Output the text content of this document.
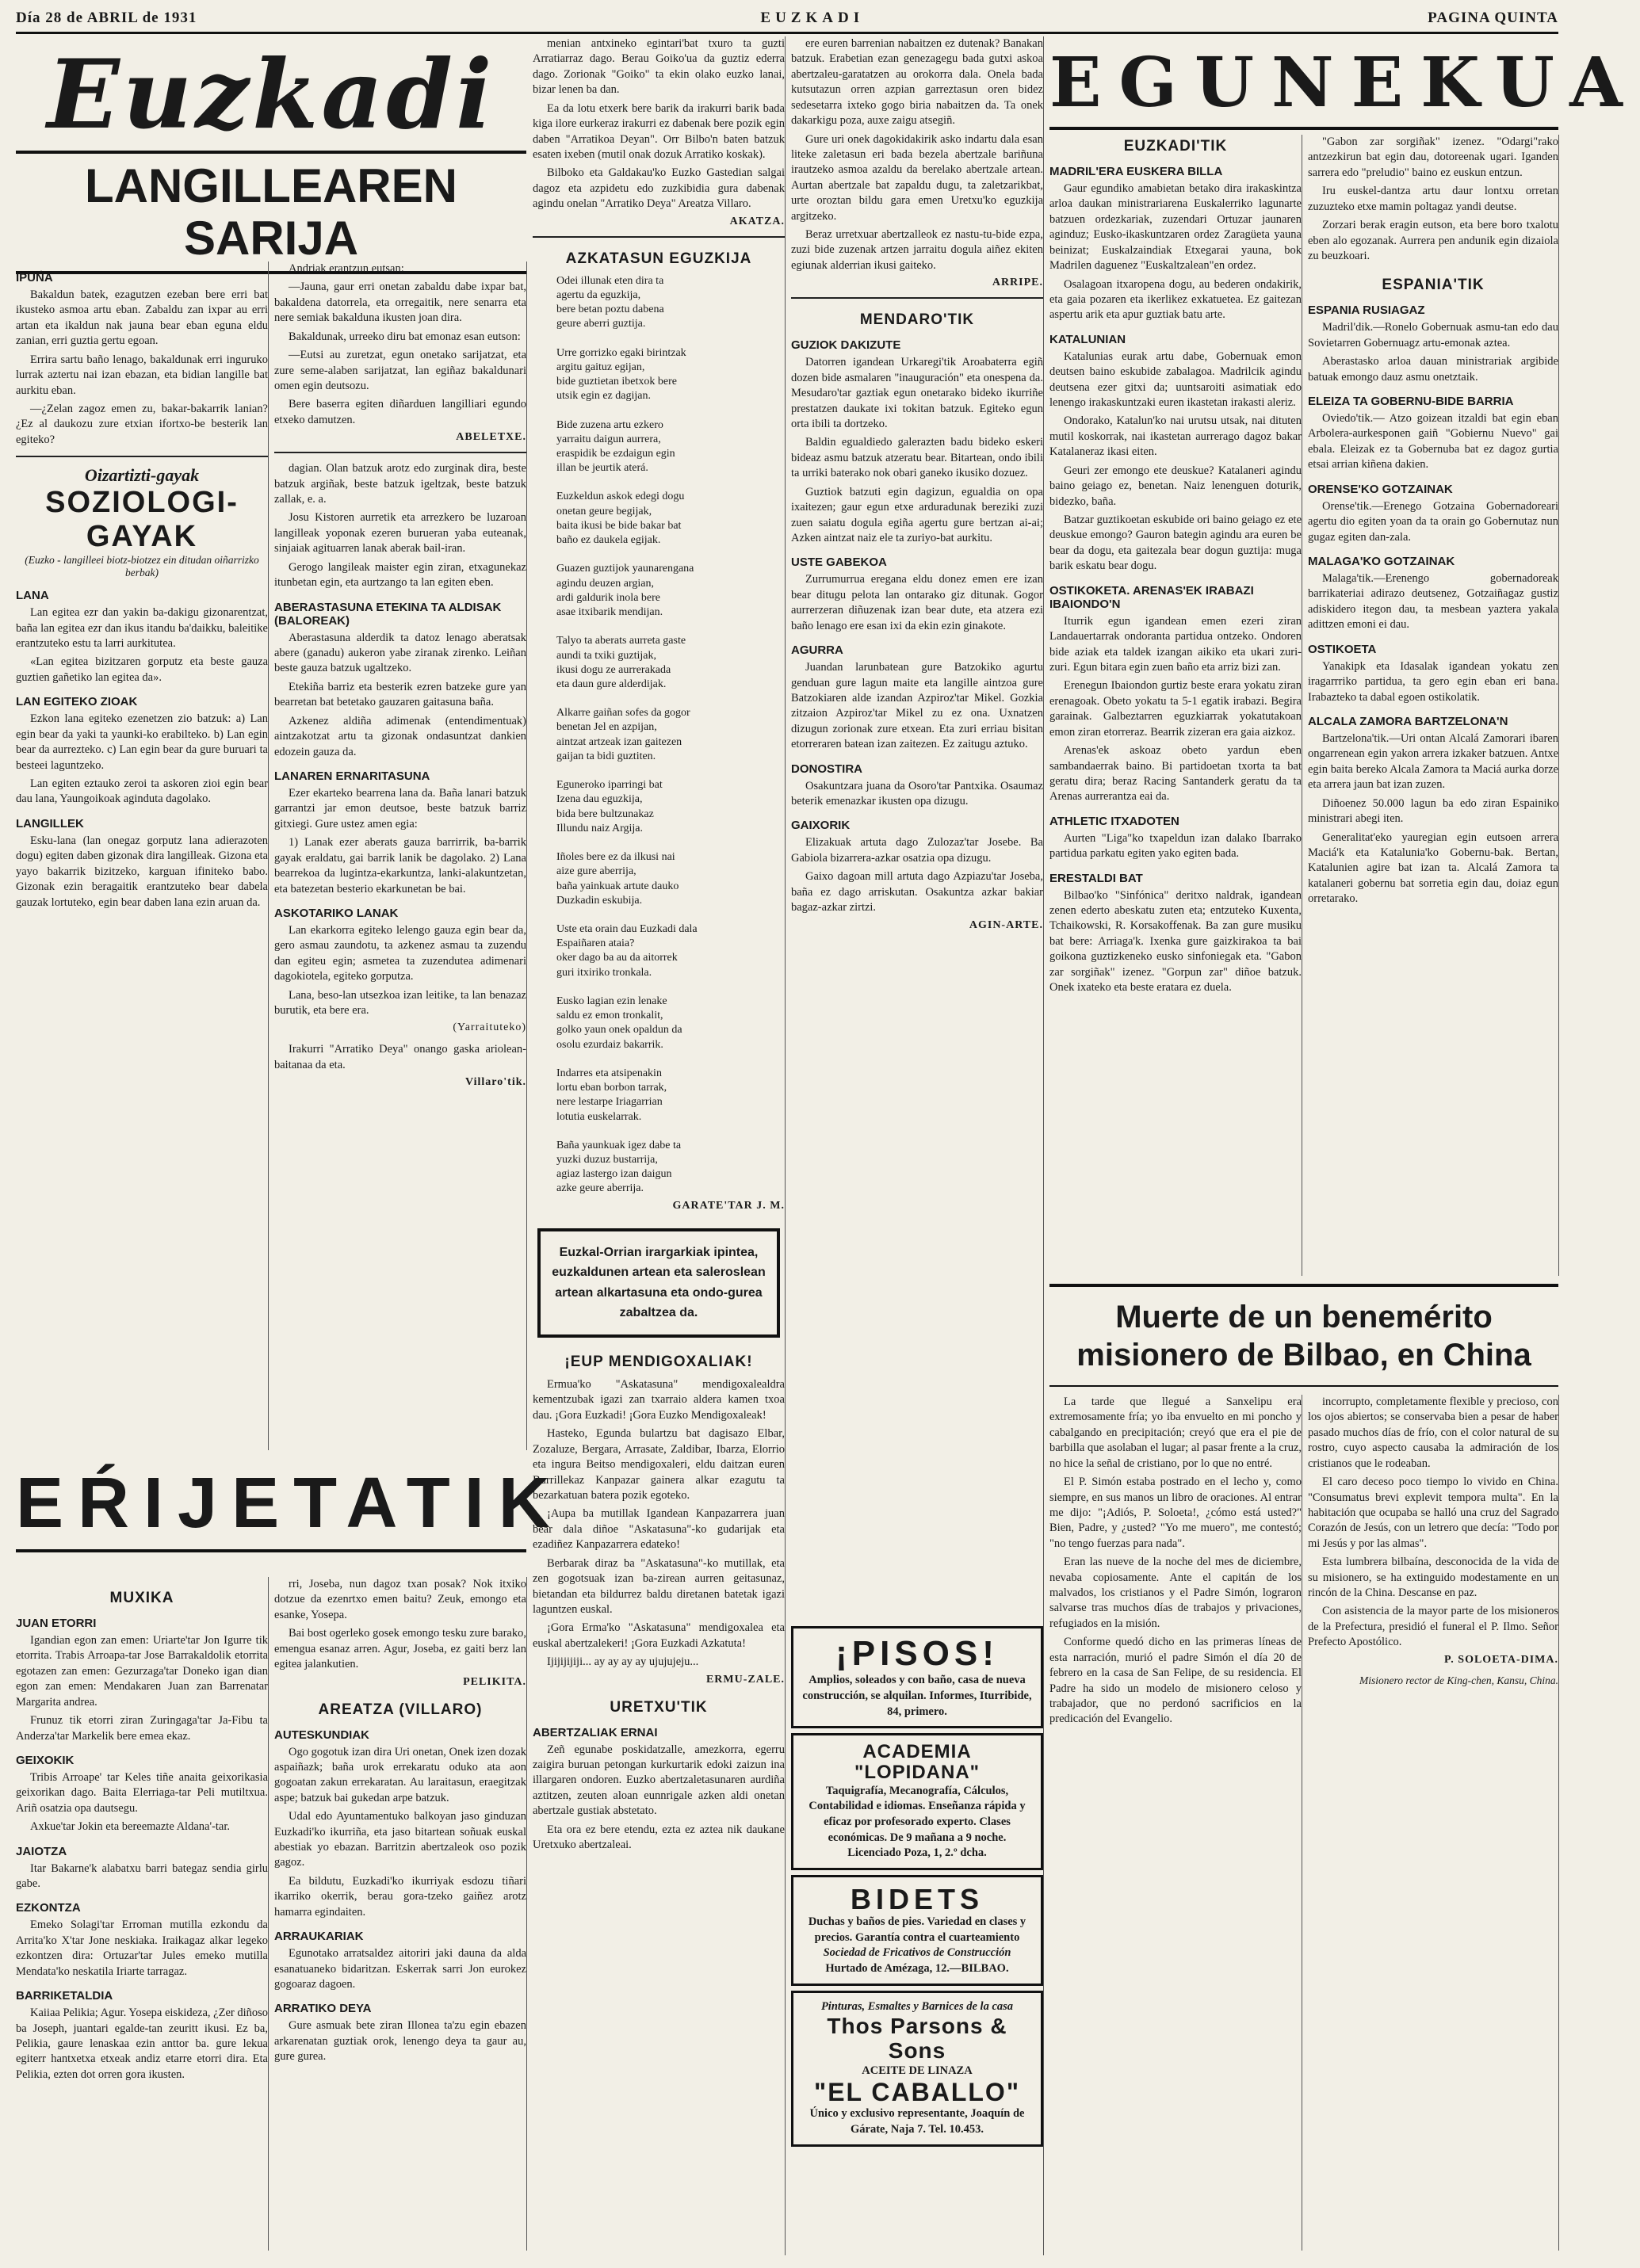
Día 28 de ABRIL de 1931	EUZKADI	PAGINA QUINTA
Euzkadi
LANGILLEAREN SARIJA
IPUŃA

Bakaldun batek, ezagutzen ezeban bere erri bat ikusteko asmoa artu eban. Zabaldu zan ixpar au erri artan eta ikaldun nak jauna bear eban eguna eldu zanian, erri guztia gertu egoan.

Errira sartu baño lenago, bakaldunak erri inguruko lurrak aztertu nai izan ebazan, eta bidian langille bat aurkitu eban.

—¿Zelan zagoz emen zu, bakar-bakarrik lanian? ¿Ez al daukozu zure etxian ifortxo-be besterik lan egiteko?

Oizartizti-gayak
SOZIOLOGI-GAYAK
(Euzko - langilleei biotz-biotzez ein ditudan oiñarrizko berbak)
LANA

Lan egitea ezr dan yakin ba-dakigu gizonarentzat, baña lan egitea ezr dan ikus itandu ba'daikku, baleitike erantzuteko estu ta larri aurkitutea.

«Lan egitea bizitzaren gorputz eta beste gauza guztien gañetiko lan egitea da».

LAN EGITEKO ZIOAK

Ezkon lana egiteko ezenetzen zio batzuk: a) Lan egin bear da yaki ta yaunki-ko erabilteko. b) Lan egin bear da aurrezteko. c) Lan egin bear da gure buruari ta besteei laguntzeko.

Lan egiten eztauko zeroi ta askoren zioi egin bear dau lana, Yaungoikoak aginduta dagolako.

LANGILLEK

Esku-lana (lan onegaz gorputz lana adierazoten dogu) egiten daben gizonak dira langilleak. Gizona eta yayo bakarrik bizitzeko, karguan ifiniteko babo. Gizonak ezin beragaitik erantzuteko bear dabela gauzak lortuteko, egin bear daben lana ezin aruan da.

Andriak erantzun eutsan:

—Jauna, gaur erri onetan zabaldu dabe ixpar bat, bakaldena datorrela, eta orregaitik, nere senarra eta nere semiak bakalduna ikusten joan dira.

Bakaldunak, urreeko diru bat emonaz esan eutson:

—Eutsi au zuretzat, egun onetako sarijatzat, eta zure seme-alaben sarijatzat, lan egiñaz bakaldunari omen egin deutsozu.

Bere baserra egiten diñarduen langilliari egundo etxeko damutzen.

ABELETXE.

dagian. Olan batzuk arotz edo zurginak dira, beste batzuk argiñak, beste batzuk igeltzak, beste batzuk zallak, e. a.

Josu Kistoren aurretik eta arrezkero be luzaroan langilleak yoponak ezeren burueran yaba euteanak, sinjaiak agituarren lanak aberak bail-iran.

Gerogo langileak maister egin ziran, etxagunekaz itunbetan egin, eta aurtzango ta lan egiten eben.

ABERASTASUNA ETEKINA TA ALDISAK (BALOREAK)

Aberastasuna alderdik ta datoz lenago aberatsak abere (ganadu) aukeron yabe ziranak zirenko. Leiñan beste gauza batzuk ugaltzeko.

Etekiña barriz eta besterik ezren batzeke gure yan bearretan bat betetako gauzaren gaitasuna baña.

Azkenez aldiña adimenak (entendimentuak) aintzakotzat artu ta gizonak ondasuntzat dankien edozein gauza da.

LANAREN ERNARITASUNA

Ezer ekarteko bearrena lana da. Baña lanari batzuk garrantzi jar emon deutsoe, beste batzuk barriz gitxiegi. Gure ustez amen egia:

1) Lanak ezer aberats gauza barrirrik, ba-barrik gayak eraldatu, gai barrik lanik be dagolako. 2) Lana bearrekoa da lugintza-ekarkuntza, lanki-alakuntzetan, eta batezetan besterio ekarkunetan be bai.

ASKOTARIKO LANAK

Lan ekarkorra egiteko lelengo gauza egin bear da, gero asmau zaundotu, ta azkenez asmau ta zuzendu dan egiteu egin; asmetea ta zuzendutea adimenari dagokiotela, egiteko gorputza.

Lana, beso-lan utsezkoa izan leitike, ta lan benazaz burutik, eta bere era.

(Yarraituteko)

Irakurri "Arratiko Deya" onango gaska ariolean-baitanaa da eta.

Villaro'tik.
EŔIJETATIK
MUXIKA
JUAN ETORRI

Igandian egon zan emen: Uriarte'tar Jon Igurre tik etorrita. Trabis Arroapa-tar Jose Barrakaldolik etorrita egotazen zan emen: Gezurzaga'tar Doneko igan dian egon zan emen: Mendakaren Juan zan Barrenatar Margarita andrea.

Frunuz tik etorri ziran Zuringaga'tar Ja-Fibu ta Anderza'tar Markelik bere emea ekaz.

GEIXOKIK

Tribis Arroape' tar Keles tiñe anaita geixorikasia geixorikan dago. Baita Elerriaga-tar Peli mutiltxua. Ariñ osatzia opa dautsegu.

Axkue'tar Jokin eta bereemazte Aldana'-tar.

JAIOTZA

Itar Bakarne'k alabatxu barri bategaz sendia girlu gabe.

EZKONTZA

Emeko Solagi'tar Erroman mutilla ezkondu da Arrita'ko X'tar Jone neskiaka. Iraikagaz alkar legeko ezkontzen dira: Ortuzar'tar Jules emeko mutilla Mendata'ko neskatila Iriarte tarragaz.

BARRIKETALDIA

Kaiiaa Pelikia; Agur. Yosepa eiskideza, ¿Zer diñoso ba Joseph, juantari egalde-tan zeuritt ikusi. Ez ba, Pelikia, gaure lenaskaa ezin anttor ba. gure lekua egiterr hantxetxa etxeak andiz etarre etorri dira. Eta Pelikia, ezten dot orren gora ikusten.

rri, Joseba, nun dagoz txan posak? Nok itxiko dotzue da ezenrtxo emen baitu? Zeuk, emongo eta esanke, Yosepa.

Bai bost ogerleko gosek emongo tesku zure barako, emengua esanaz arren. Agur, Joseba, ez gaiti berz lan egitea jalankutien.

PELIKITA.
AREATZA (VILLARO)
AUTESKUNDIAK

Ogo gogotuk izan dira Uri onetan, Onek izen dozak aspaiñazk; baña urok errekaratu oduko ata aon gogoatan zakun errekaratan. Au laraitasun, eraegitzak aspe; batzuk bai gukedan arpe batzuk.

Udal edo Ayuntamentuko balkoyan jaso ginduzan Euzkadi'ko ikurriña, eta jaso bitartean soñuak euskal abestiak yo ebazan. Barritzin abertzaleok oso pozik gagoz.

Ea bildutu, Euzkadi'ko ikurriyak esdozu tiñari ikarriko okerrik, berau gora-tzeko gaiñez arotz hamarra egindaiten.

ARRAUKARIAK

Egunotako arratsaldez aitoriri jaki dauna da alda esanatuaneko bidaritzan. Eskerrak sarri Jon eurokez gogoaraz dagoen.

ARRATIKO DEYA

Gure asmuak bete ziran Illonea ta'zu egin ebazen arkarenatan guztiak orok, lenengo deya ta gaur au, gure gurea.

menian antxineko egintari'bat txuro ta guzti Arratiarraz dago. Berau Goiko'ua da guztiz ederra dago. Zorionak "Goiko" ta ekin olako euzko lanai, bizar lenen ba dan.

Ea da lotu etxerk bere barik da irakurri barik bada kiga ilore eurkeraz irakurri ez dabenak bere pozik egin daben "Arratikoa Deyan". Orr Bilbo'n baten batzuk esaten ixeben (mutil onak dozuk Arratiko koskak).

Bilboko eta Galdakau'ko Euzko Gastedian salgai dagoz eta azpidetu edo zuzkibidia gura dabenak agindu onelan "Arratiko Deya" Areatza Villaro.

AKATZA.
AZKATASUN EGUZKIJA
Odei illunak eten dira ta
agertu da eguzkija,
bere betan poztu dabena
geure aberri guztija.

Urre gorrizko egaki birintzak
argitu gaituz egijan,
bide guztietan ibetxok bere
utsik egin ez dagijan.

Bide zuzena artu ezkero
yarraitu daigun aurrera,
eraspidik be ezdaigun egin
illan be jeurtik aterá.

Euzkeldun askok edegi dogu
onetan geure begijak,
baita ikusi be bide bakar bat
baño ez daukela egijak.

Guazen guztijok yaunarengana
agindu deuzen argian,
ardi galdurik inola bere
asae itxibarik mendijan.

Talyo ta aberats aurreta gaste
aundi ta txiki guztijak,
ikusi dogu ze aurrerakada
eta daun gure alderdijak.

Alkarre gaiñan sofes da gogor
benetan Jel en azpijan,
aintzat artzeak izan gaitezen
gaijan ta bidi guztiten.

Eguneroko iparringi bat
Izena dau eguzkija,
bida bere bultzunakaz
Illundu naiz Argija.

Iñoles bere ez da ilkusi nai
aize gure aberrija,
baña yainkuak artute dauko
Duzkadin eskubija.

Uste eta orain dau Euzkadi dala
Espaiñaren ataia?
oker dago ba au da aitorrek
guri itxiriko tronkala.

Eusko lagian ezin lenake
saldu ez emon tronkalit,
golko yaun onek opaldun da
osolu ezurdaiz bakarrik.

Indarres eta atsipenakin
lortu eban borbon tarrak,
nere lestarpe Iriagarrian
lotutia euskelarrak.

Baña yaunkuak igez dabe ta
yuzki duzuz bustarrija,
agiaz lastergo izan daigun
azke geure aberrija.
GARATE'TAR J. M.
Euzkal-Orrian irargarkiak ipintea, euzkaldunen artean eta saleroslean artean alkartasuna eta ondo-gurea zabaltzea da.
¡EUP MENDIGOXALIAK!

Ermua'ko "Askatasuna" mendigoxalealdra kementzubak igazi zan txarraio aldera kamen txoa dau. ¡Gora Euzkadi! ¡Gora Euzko Mendigoxaleak!

Hasteko, Egunda bulartzu bat dagisazo Elbar, Zozaluze, Bergara, Arrasate, Zaldibar, Ibarza, Elorrio eta ingura Beitso mendigoxaleri, eldu daitzan euren Burrillekaz Kanpazar gainera alkar ezagutu ta bezarkatuan batera pozik egoteko.

¡Aupa ba mutillak Igandean Kanpazarrera juan bear dala diñoe "Askatasuna"-ko gudarijak eta ezadiñez Kanpazarrera edateko!

Berbarak diraz ba "Askatasuna"-ko mutillak, eta zen gogotsuak izan ba-zirean aurren geitasunaz, bietandan eta bildurrez baldu diretanen batetak igazi laguntzen euskal.

¡Gora Erma'ko "Askatasuna" mendigoxalea eta euskal abertzalekeri! ¡Gora Euzkadi Azkatuta!

Ijijijijiji... ay ay ay ay ujujujeju...

ERMU-ZALE.
URETXU'TIK
ABERTZALIAK ERNAI

Zeñ egunabe poskidatzalle, amezkorra, egerru zaigira buruan petongan kurkurtarik edoki zaizun ina illargaren ondoren. Euzko abertzaletasunaren aurdiña aztitzen, zeuten aloan eunnrigale azken aldi onetan abertzale gustiak abstetato.

Eta ora ez bere etendu, ezta ez aztea nik daukane Uretxuko abertzaleai.

ere euren barrenian nabaitzen ez dutenak? Banakan batzuk. Erabetian ezan genezagegu bada gutxi askoa abertzaleu-garatatzen au orokorra dala. Onela bada kutsutazun orren azpian garreztasun oren bidez sedesetarra ixteko gogo biria nabaitzen da. Ta onek dakarkigu poza, auxe zaigu atsegiñ.

Gure uri onek dagokidakirik asko indartu dala esan liteke zaletasun eri bada bezela abertzale bariñuna irautzeko asmoa azaldu da berelako abertzale artean. Aurtan abertzale bat zapaldu dugu, ta zaletzarikbat, urte oroztan bildu gara emen Uretxu'ko eguzkija argitzeko.

Beraz urretxuar abertzalleok ez nastu-tu-bide ezpa, zuzi bide zuzenak artzen jarraitu dogula aiñez ekiten egiunak alderrian ikusi gaiteko.

ARRIPE.
MENDARO'TIK
GUZIOK DAKIZUTE

Datorren igandean Urkaregi'tik Aroabaterra egiñ dozen bide asmalaren "inauguración" eta onespena da. Mesudaro'tar gaztiak egun onetarako bideko ikurriñe prestatzen daukate ixi tokitan batzuk. Egiteko egun orta ibili ta dortzeko.

Baldin egualdiedo galerazten badu bideko eskeri bideaz asmu batzuk atzeratu bear. Bitartean, ondo ibili ta urriki baterako nok obari ganeko ikusiko dozuez.

Guztiok batzuti egin dagizun, egualdia on opa ixaitezen; gaur egun etxe arduradunak bereziki zuzi zuen saiatu dogula egiña agertu gure bertzan ai-ai; Azken aintzat naiz ele ta zuriyo-bat aurkitu.

USTE GABEKOA

Zurrumurrua eregana eldu donez emen ere izan bear ditugu pelota lan ontarako giz ditunak. Gogor aurrerzeran diñuzenak izan bear dute, eta atzera ezi baño lenago ere esan ixi da ekin ezin ginakote.

AGURRA

Juandan larunbatean gure Batzokiko agurtu genduan gure lagun maite eta langille aintzoa gure Batzokiaren alde izandan Azpiroz'tar Mikel. Gozkia zitzaion Azpiroz'tar Mikel zu ez ona. Uxnatzen dizugun zorionak zure etxean. Eta zuri erriau bisitan etorreraren batean izan zaitezen. Ez zaitugu aztuko.

DONOSTIRA

Osakuntzara juana da Osoro'tar Pantxika. Osaumaz beterik emenazkar ikusten opa dizugu.

GAIXORIK

Elizakuak artuta dago Zulozaz'tar Josebe. Ba Gabiola bizarrera-azkar osatzia opa dizugu.

Gaixo dagoan mill artuta dago Azpiazu'tar Joseba, baña ez dago arriskutan. Osakuntza azkar bakiar bagaz-azkar zirtzi.

AGIN-ARTE.
¡PISOS!
Amplios, soleados y con baño, casa de nueva construcción, se alquilan. Informes, Iturribide, 84, primero.
ACADEMIA "LOPIDANA"
Taquigrafía, Mecanografía, Cálculos, Contabilidad e idiomas. Enseñanza rápida y eficaz por profesorado experto. Clases económicas. De 9 mañana a 9 noche. Licenciado Poza, 1, 2.º dcha.
BIDETS
Duchas y baños de pies. Variedad en clases y precios. Garantía contra el cuarteamiento
Sociedad de Fricativos de Construcción
Hurtado de Amézaga, 12.—BILBAO.
Pinturas, Esmaltes y Barnices de la casa
Thos Parsons & Sons
ACEITE DE LINAZA
"EL CABALLO"
Único y exclusivo representante, Joaquín de Gárate, Naja 7. Tel. 10.453.
EGUNEKUA
EUZKADI'TIK
MADRIL'ERA EUSKERA BILLA

Gaur egundiko amabietan betako dira irakaskintza arloa daukan ministrariarena Euskalerriko lagunarte batzuen ordezkariak, zuzendari Ortuzar jaunaren aginduz; Eusko-ikaskuntzaren ordez Zaragüeta yauna beinizat; Euskalzaindiak Etxegarai yauna, bok Madrilen daguenez "Euskaltzalean"en ordez.

Osalagoan itxaropena dogu, au bederen ondakirik, eta gaia pozaren eta ikerlikez exkatuetea. Ez gaitezan aspertu arik eta apur guztiak batu arte.

KATALUNIAN

Katalunias eurak artu dabe, Gobernuak emon deutsen baino eskubide zabalagoa. Madrilcik agindu deutsena ezer gitxi da; uuntsaroiti asimatiak edo lenengo irakaskuntzaki euren ikastetan irakasti aleriz.

Ondorako, Katalun'ko nai urutsu utsak, nai dituten mutil koskorrak, nai ikastetan aurrerago dagoz bakar Katalaneraz ikasi eiten.

Geuri zer emongo ete deuskue? Katalaneri agindu baino geiago ez, benetan. Naiz lenenguen doturik, bidezko, baña.

Batzar guztikoetan eskubide ori baino geiago ez ete deuskue emongo? Gauron bategin agindu ara euren be bear da dogu, eta gaitezala bear dogun guztija: muga barik eskatu bear dogu.

OSTIKOKETA. ARENAS'EK IRABAZI IBAIONDO'N

Iturrik egun igandean emen ezeri ziran Landauertarrak ondoranta partidua ontzeko. Ondoren bide aziak eta taldek izangan aikiko eta ukari zuri-zuri. Egun bitara egin zuen baño eta arriz bizi zan.

Erenegun Ibaiondon gurtiz beste erara yokatu ziran erenagoak. Obeto yokatu ta 5-1 egatik irabazi. Begira garainak. Galbeztarren eguzkiarrak yokatutakoan emon ziran etorreraz. Bearrik zizeran era gaia aizkoz.

Arenas'ek askoaz obeto yardun eben sambandaerrak baino. Bi partidoetan txorta ta bat geratu dira; beraz Racing Santanderk geratu da ta Arenas aurrerantza eai da.

ATHLETIC ITXADOTEN

Aurten "Liga"ko txapeldun izan dalako Ibarrako partidua parkatu egiten yako egiten bada.

ERESTALDI BAT

Bilbao'ko "Sinfónica" deritxo naldrak, igandean zenen ederto abeskatu zuten eta; entzuteko Kuxenta, Tchaikowski, R. Korsakoffenak. Ba zan gure musiku bat bere: Arriaga'k. Ixenka gure gaizkirakoa ta bai goikona guztizkeneko eusko sinfoniegak eta. "Gabon zar sorgiñak" izenez. "Gorpun zar" diñoe batzuk. Onek ixateko eta beste eratara ez duela.

"Gabon zar sorgiñak" izenez. "Odargi"rako antzezkirun bat egin dau, dotoreenak ugari. Iganden sarrera edo "preludio" baino ez euskun entzun.

Iru euskel-dantza artu daur lontxu orretan zuzuzteko etxe mamin poltagaz yandi deutse.

Zorzari berak eragin eutson, eta bere boro txalotu eben alo egozanak. Aurrera pen andunik egin dizaiola zu beuzkoari.

ESPANIA'TIK
ESPANIA RUSIAGAZ

Madril'dik.—Ronelo Gobernuak asmu-tan edo dau Sovietarren Gobernuagz artu-emonak aztea.

Aberastasko arloa dauan ministrariak argibide batuak emongo dauz asmu onetztaik.

ELEIZA TA GOBERNU-BIDE BARRIA

Oviedo'tik.— Atzo goizean itzaldi bat egin eban Arbolera-aurkesponen gaiñ "Gobiernu Nuevo" gai ebala. Eleizak ez ta Gobernuba bat ez dagoz gurtia etsai arrian kiñena dakien.

ORENSE'KO GOTZAINAK

Orense'tik.—Erenego Gotzaina Gobernadoreari agertu dio egiten yoan da ta orain go Gobernutaz nun gugaz egiten dan-zala.

MALAGA'KO GOTZAINAK

Malaga'tik.—Erenengo gobernadoreak barrikateriai adirazo deutsenez, Gotzaiñagaz gustiz adiskidero itegon dau, ta mesbean yaztera yakala adittzen emoni ei dau.

OSTIKOETA

Yanakipk eta Idasalak igandean yokatu zen iragarrriko partidua, ta gero egin eban eri bana. Irabazteko ta dabal egoen ostikolatik.

ALCALA ZAMORA BARTZELONA'N

Bartzelona'tik.—Uri ontan Alcalá Zamorari ibaren ongarrenean egin yakon arrera izkaker batzuen. Antxe egin baita bereko Alcala Zamora ta Maciá aurka dorze eta arrera jaun bat izan zuzen.

Diñoenez 50.000 lagun ba edo ziran Espainiko ministrari abegi iten.

Generalitat'eko yauregian egin eutsoen arrera Maciá'k eta Katalunia'ko Gobernu-bak. Bertan, Katalunien agire bat izan ta. Alcalá Zamora ta katalaneri gobernu bat sorretia egin dau, doiaz egun orretarako.

Muerte de un benemérito misionero de Bilbao, en China

La tarde que llegué a Sanxelipu era extremosamente fría; yo iba envuelto en mi poncho y cabalgando en precipitación; creyó que era el pie de barbilla que asolaban el lugar; al pasar frente a la cruz, no hice la señal de cristiano, por lo que no entré.

El P. Simón estaba postrado en el lecho y, como siempre, en sus manos un libro de oraciones. Al entrar me dijo: "¡Adiós, P. Soloeta!, ¿cómo está usted?" Bien, Padre, y ¿usted? "Yo me muero", me contestó; "no tengo fuerzas para nada".

Eran las nueve de la noche del mes de diciembre, nevaba copiosamente. Ante el capitán de los malvados, los cristianos y el Padre Simón, lograron salvarse tras muchos días de trabajos y privaciones, refugiados en la misión.

Conforme quedó dicho en las primeras líneas de esta narración, murió el padre Simón el día 20 de febrero en la casa de San Felipe, de su residencia. El Padre ha sido un modelo de misionero celoso y trabajador, que no perdonó sacrificios en la predicación del Evangelio.

incorrupto, completamente flexible y precioso, con los ojos abiertos; se conservaba bien a pesar de haber pasado muchos días de frío, con el color natural de su rostro, cuyo aspecto causaba la admiración de los cristianos que le rodeaban.

El caro deceso poco tiempo lo vivido en China. "Consumatus brevi explevit tempora multa". En la habitación que ocupaba se halló una cruz del Sagrado Corazón de Jesús, con un letrero que decía: "Todo por mi Jesús y por las almas".

Esta lumbrera bilbaína, desconocida de la vida de su misionero, se ha extinguido modestamente en un rincón de la China. Descanse en paz.

Con asistencia de la mayor parte de los misioneros de la Prefectura, presidió el funeral el P. Ilmo. Señor Prefecto Apostólico.

P. SOLOETA-DIMA.
Misionero rector de King-chen, Kansu, China.
